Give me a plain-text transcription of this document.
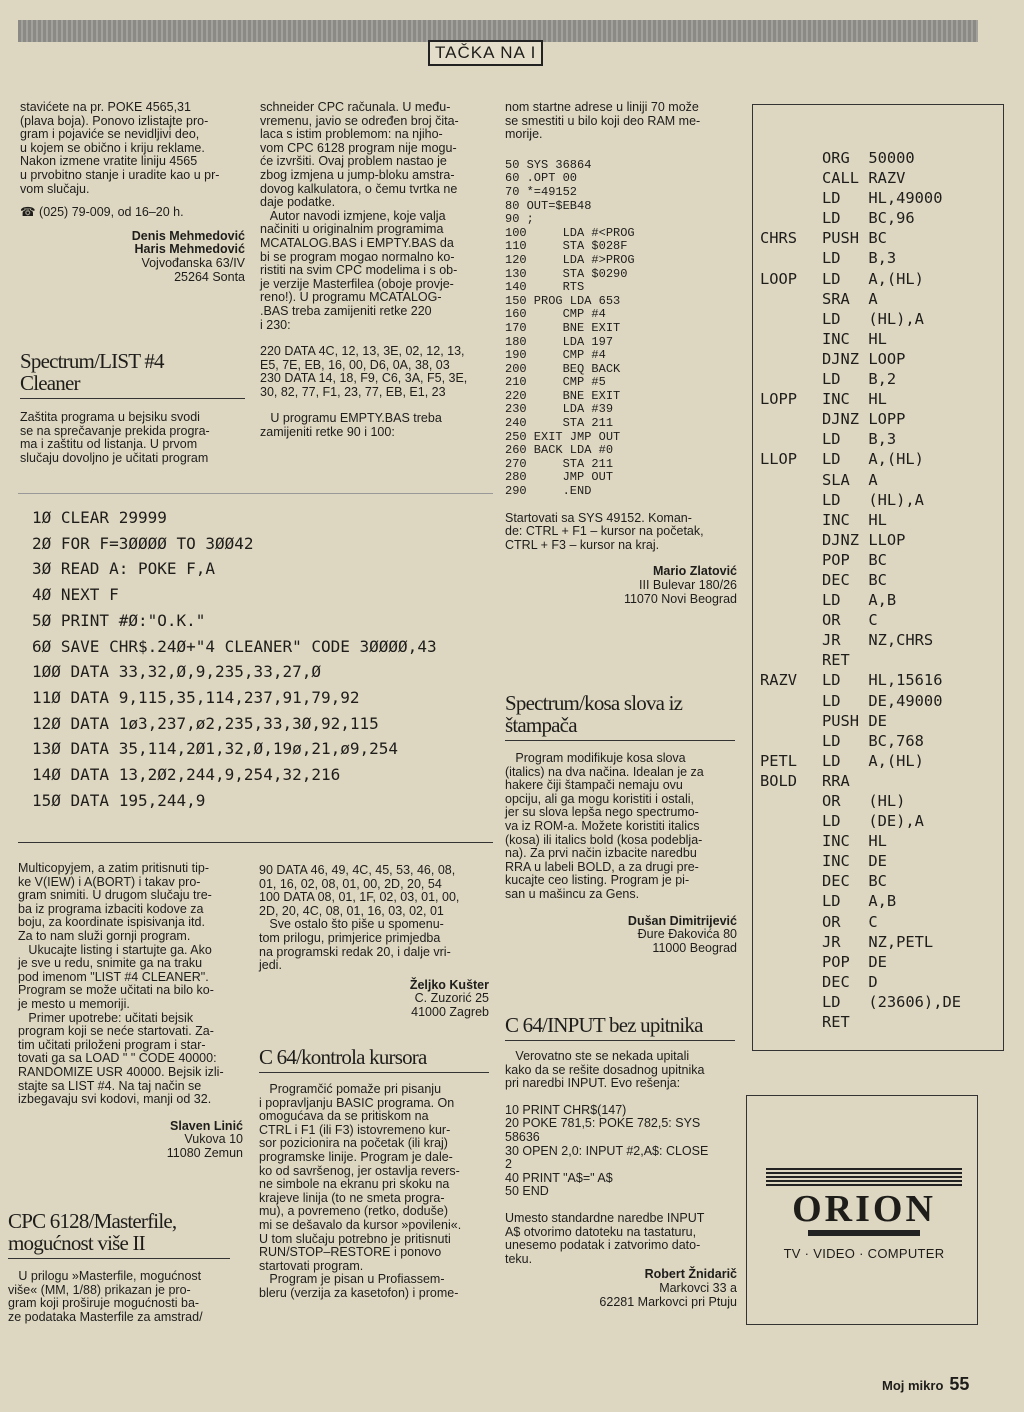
TAČKA NA I
stavićete na pr. POKE 4565,31
(plava boja). Ponovo izlistajte pro-
gram i pojaviće se nevidljivi deo,
u kojem se obično i kriju reklame.
Nakon izmene vratite liniju 4565
u prvobitno stanje i uradite kao u pr-
vom slučaju.

☎ (025) 79-009, od 16–20 h.

Denis Mehmedović
Haris Mehmedović
Vojvođanska 63/IV
25264 Sonta
Spectrum/LIST #4
Cleaner
Zaštita programa u bejsiku svodi
se na sprečavanje prekida progra-
ma i zaštitu od listanja. U prvom
slučaju dovoljno je učitati program
schneider CPC računala. U među-
vremenu, javio se određen broj čita-
laca s istim problemom: na njiho-
vom CPC 6128 program nije mogu-
će izvršiti. Ovaj problem nastao je
zbog izmjena u jump-bloku amstra-
dovog kalkulatora, o čemu tvrtka ne
daje podatke.
Autor navodi izmjene, koje valja
načiniti u originalnim programima
MCATALOG.BAS i EMPTY.BAS da
bi se program mogao normalno ko-
ristiti na svim CPC modelima i s ob-
je verzije Masterfilea (oboje provje-
reno!). U programu MCATALOG-
.BAS treba zamijeniti retke 220
i 230:
220 DATA 4C, 12, 13, 3E, 02, 12, 13,
E5, 7E, EB, 16, 00, D6, 0A, 38, 03
230 DATA 14, 18, F9, C6, 3A, F5, 3E,
30, 82, 77, F1, 23, 77, EB, E1, 23
U programu EMPTY.BAS treba
zamijeniti retke 90 i 100:
nom startne adrese u liniji 70 može
se smestiti u bilo koji deo RAM me-
morije.
50 SYS 36864
60 .OPT 00
70 *=49152
80 OUT=$EB48
90 ;
100     LDA #<PROG
110     STA $028F
120     LDA #>PROG
130     STA $0290
140     RTS
150 PROG LDA 653
160     CMP #4
170     BNE EXIT
180     LDA 197
190     CMP #4
200     BEQ BACK
210     CMP #5
220     BNE EXIT
230     LDA #39
240     STA 211
250 EXIT JMP OUT
260 BACK LDA #0
270     STA 211
280     JMP OUT
290     .END
Startovati sa SYS 49152. Koman-
de: CTRL + F1 – kursor na početak,
CTRL + F3 – kursor na kraj.
Mario Zlatović
III Bulevar 180/26
11070 Novi Beograd
1Ø CLEAR 29999
2Ø FOR F=3ØØØØ TO 3ØØ42
3Ø READ A: POKE F,A
4Ø NEXT F
5Ø PRINT #Ø:"O.K."
6Ø SAVE CHR$.24Ø+"4 CLEANER" CODE 3ØØØØ,43
1ØØ DATA 33,32,Ø,9,235,33,27,Ø
11Ø DATA 9,115,35,114,237,91,79,92
12Ø DATA 1ø3,237,ø2,235,33,3Ø,92,115
13Ø DATA 35,114,2Ø1,32,Ø,19ø,21,ø9,254
14Ø DATA 13,2Ø2,244,9,254,32,216
15Ø DATA 195,244,9

CHRS

LOOP

LOPP

LLOP

RAZV

PETL
BOLD

ORG  50000
CALL RAZV
LD   HL,49000
LD   BC,96
PUSH BC
LD   B,3
LD   A,(HL)
SRA  A
LD   (HL),A
INC  HL
DJNZ LOOP
LD   B,2
INC  HL
DJNZ LOPP
LD   B,3
LD   A,(HL)
SLA  A
LD   (HL),A
INC  HL
DJNZ LLOP
POP  BC
DEC  BC
LD   A,B
OR   C
JR   NZ,CHRS
RET
LD   HL,15616
LD   DE,49000
PUSH DE
LD   BC,768
LD   A,(HL)
RRA
OR   (HL)
LD   (DE),A
INC  HL
INC  DE
DEC  BC
LD   A,B
OR   C
JR   NZ,PETL
POP  DE
DEC  D
LD   (23606),DE
RET
Multicopyjem, a zatim pritisnuti tip-
ke V(IEW) i A(BORT) i takav pro-
gram snimiti. U drugom slučaju tre-
ba iz programa izbaciti kodove za
boju, za koordinate ispisivanja itd.
Za to nam služi gornji program.
Ukucajte listing i startujte ga. Ako
je sve u redu, snimite ga na traku
pod imenom "LIST #4 CLEANER".
Program se može učitati na bilo ko-
je mesto u memoriji.
Primer upotrebe: učitati bejsik
program koji se neće startovati. Za-
tim učitati priloženi program i star-
tovati ga sa LOAD " " CODE 40000:
RANDOMIZE USR 40000. Bejsik izli-
stajte sa LIST #4. Na taj način se
izbegavaju svi kodovi, manji od 32.
Slaven Linić
Vukova 10
11080 Zemun
CPC 6128/Masterfile,
mogućnost više II
U prilogu »Masterfile, mogućnost
više« (MM, 1/88) prikazan je pro-
gram koji proširuje mogućnosti ba-
ze podataka Masterfile za amstrad/
90 DATA 46, 49, 4C, 45, 53, 46, 08,
01, 16, 02, 08, 01, 00, 2D, 20, 54
100 DATA 08, 01, 1F, 02, 03, 01, 00,
2D, 20, 4C, 08, 01, 16, 03, 02, 01
Sve ostalo što piše u spomenu-
tom prilogu, primjerice primjedba
na programski redak 20, i dalje vri-
jedi.
Željko Kušter
C. Zuzorić 25
41000 Zagreb
C 64/kontrola kursora
Programčić pomaže pri pisanju
i popravljanju BASIC programa. On
omogućava da se pritiskom na
CTRL i F1 (ili F3) istovremeno kur-
sor pozicionira na početak (ili kraj)
programske linije. Program je dale-
ko od savršenog, jer ostavlja revers-
ne simbole na ekranu pri skoku na
krajeve linija (to ne smeta progra-
mu), a povremeno (retko, doduše)
mi se dešavalo da kursor »povileni«.
U tom slučaju potrebno je pritisnuti
RUN/STOP–RESTORE i ponovo
startovati program.
Program je pisan u Profiassem-
bleru (verzija za kasetofon) i prome-
Spectrum/kosa slova iz
štampača
Program modifikuje kosa slova
(italics) na dva načina. Idealan je za
hakere čiji štampači nemaju ovu
opciju, ali ga mogu koristiti i ostali,
jer su slova lepša nego spectrumo-
va iz ROM-a. Možete koristiti italics
(kosa) ili italics bold (kosa podeblja-
na). Za prvi način izbacite naredbu
RRA u labeli BOLD, a za drugi pre-
kucajte ceo listing. Program je pi-
san u mašincu za Gens.
Dušan Dimitrijević
Đure Đakovića 80
11000 Beograd
C 64/INPUT bez upitnika
Verovatno ste se nekada upitali
kako da se rešite dosadnog upitnika
pri naredbi INPUT. Evo rešenja:
10 PRINT CHR$(147)
20 POKE 781,5: POKE 782,5: SYS
58636
30 OPEN 2,0: INPUT #2,A$: CLOSE
2
40 PRINT "A$=" A$
50 END
Umesto standardne naredbe INPUT
A$ otvorimo datoteku na tastaturu,
unesemo podatak i zatvorimo dato-
teku.
Robert Žnidarič
Markovci 33 a
62281 Markovci pri Ptuju
ORION
TV · VIDEO · COMPUTER
Moj mikro 55
